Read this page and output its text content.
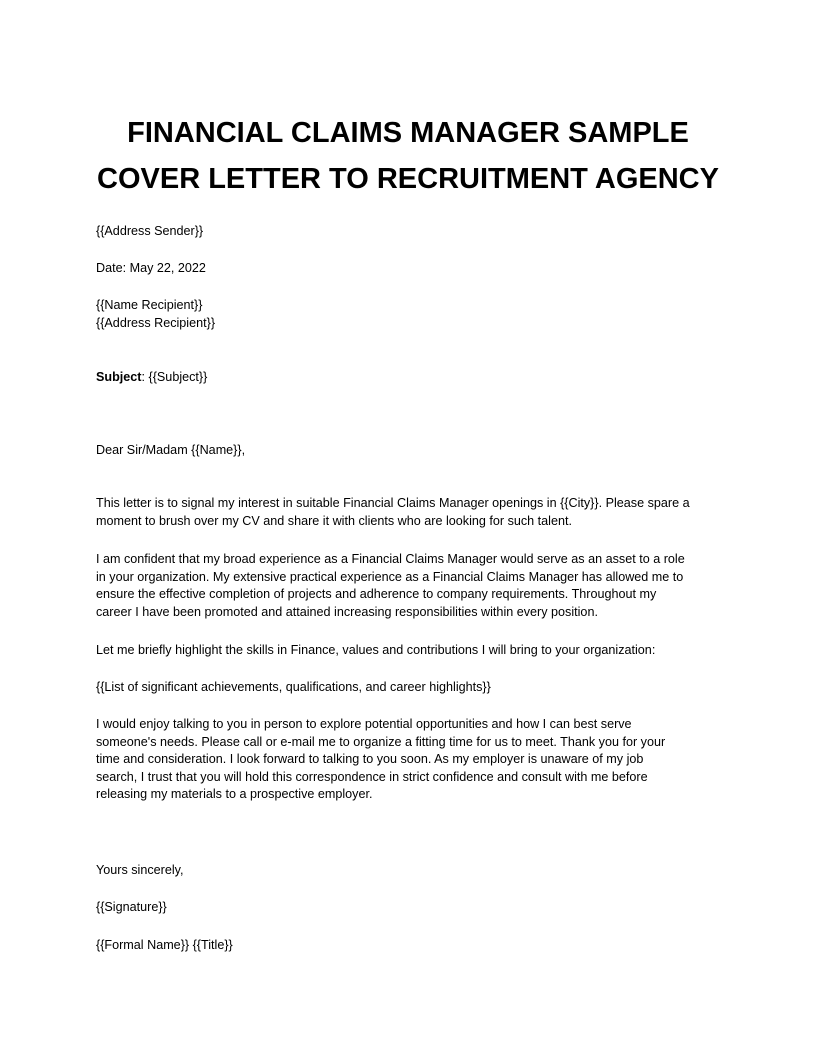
FINANCIAL CLAIMS MANAGER SAMPLE
COVER LETTER TO RECRUITMENT AGENCY
{{Address Sender}}
Date: May 22, 2022
{{Name Recipient}}
{{Address Recipient}}
Subject: {{Subject}}
Dear Sir/Madam {{Name}},
This letter is to signal my interest in suitable Financial Claims Manager openings in {{City}}. Please spare a
moment to brush over my CV and share it with clients who are looking for such talent.
I am confident that my broad experience as a Financial Claims Manager would serve as an asset to a role
in your organization. My extensive practical experience as a Financial Claims Manager has allowed me to
ensure the effective completion of projects and adherence to company requirements. Throughout my
career I have been promoted and attained increasing responsibilities within every position.
Let me briefly highlight the skills in Finance, values and contributions I will bring to your organization:
{{List of significant achievements, qualifications, and career highlights}}
I would enjoy talking to you in person to explore potential opportunities and how I can best serve
someone's needs. Please call or e-mail me to organize a fitting time for us to meet. Thank you for your
time and consideration. I look forward to talking to you soon. As my employer is unaware of my job
search, I trust that you will hold this correspondence in strict confidence and consult with me before
releasing my materials to a prospective employer.
Yours sincerely,
{{Signature}}
{{Formal Name}} {{Title}}
